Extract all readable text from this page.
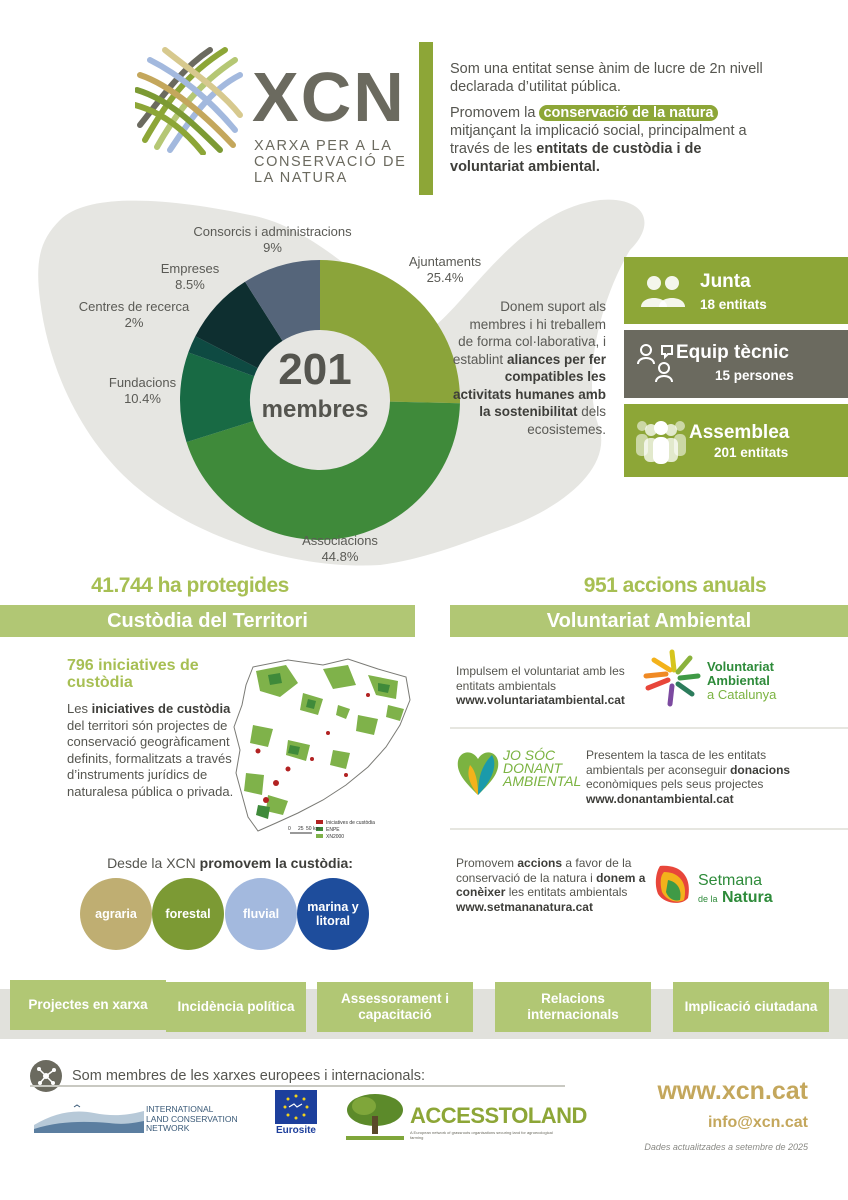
XCN
XARXA PER A LA
CONSERVACIÓ DE
LA NATURA

Som una entitat sense ànim de lucre de 2n nivell declarada d’utilitat pública.

Promovem la conservació de la natura mitjançant la implicació social, principalment a través de les entitats de custòdia i de voluntariat ambiental.

201
membres
Consorcis i administracions
9%
Empreses
8.5%
Centres de recerca
2%
Fundacions
10.4%
Associacions
44.8%
Ajuntaments
25.4%
Donem suport als membres i hi treballem de forma col·laborativa, i establint aliances per fer compatibles les activitats humanes amb la sostenibilitat dels ecosistemes.
Junta
18 entitats
Equip tècnic
15 persones
Assemblea
201 entitats
41.744 ha protegides	951 accions anuals
Custòdia del Territori	Voluntariat Ambiental
796 iniciatives de custòdia
Les iniciatives de custòdia del territori són projectes de conservació geogràficament definits, formalitzats a través d’instruments jurídics de naturalesa pública o privada.
Iniciatives de custòdia
ENPE
XN2000
0 25 50 km
Desde la XCN promovem la custòdia:
agraria	forestal	fluvial	marina y litoral
Impulsem el voluntariat amb les entitats ambientals
www.voluntariatambiental.cat
Voluntariat
Ambiental
a Catalunya
JO SÓC
DONANT
AMBIENTAL
Presentem la tasca de les entitats ambientals per aconseguir donacions econòmiques pels seus projectes
www.donantambiental.cat
Promovem accions a favor de la conservació de la natura i donem a conèixer les entitats ambientals
www.setmananatura.cat
Setmana
de la Natura
Projectes en xarxa	Incidència política
Assessorament i capacitació
Relacions internacionals
Implicació ciutadana
Som membres de les xarxes europees i internacionals:
INTERNATIONAL
LAND CONSERVATION
NETWORK	Eurosite
ACCESSTOLAND
A European network of grassroots organisations securing land for agroecological farming
www.xcn.cat
info@xcn.cat
Dades actualitzades a setembre de 2025
